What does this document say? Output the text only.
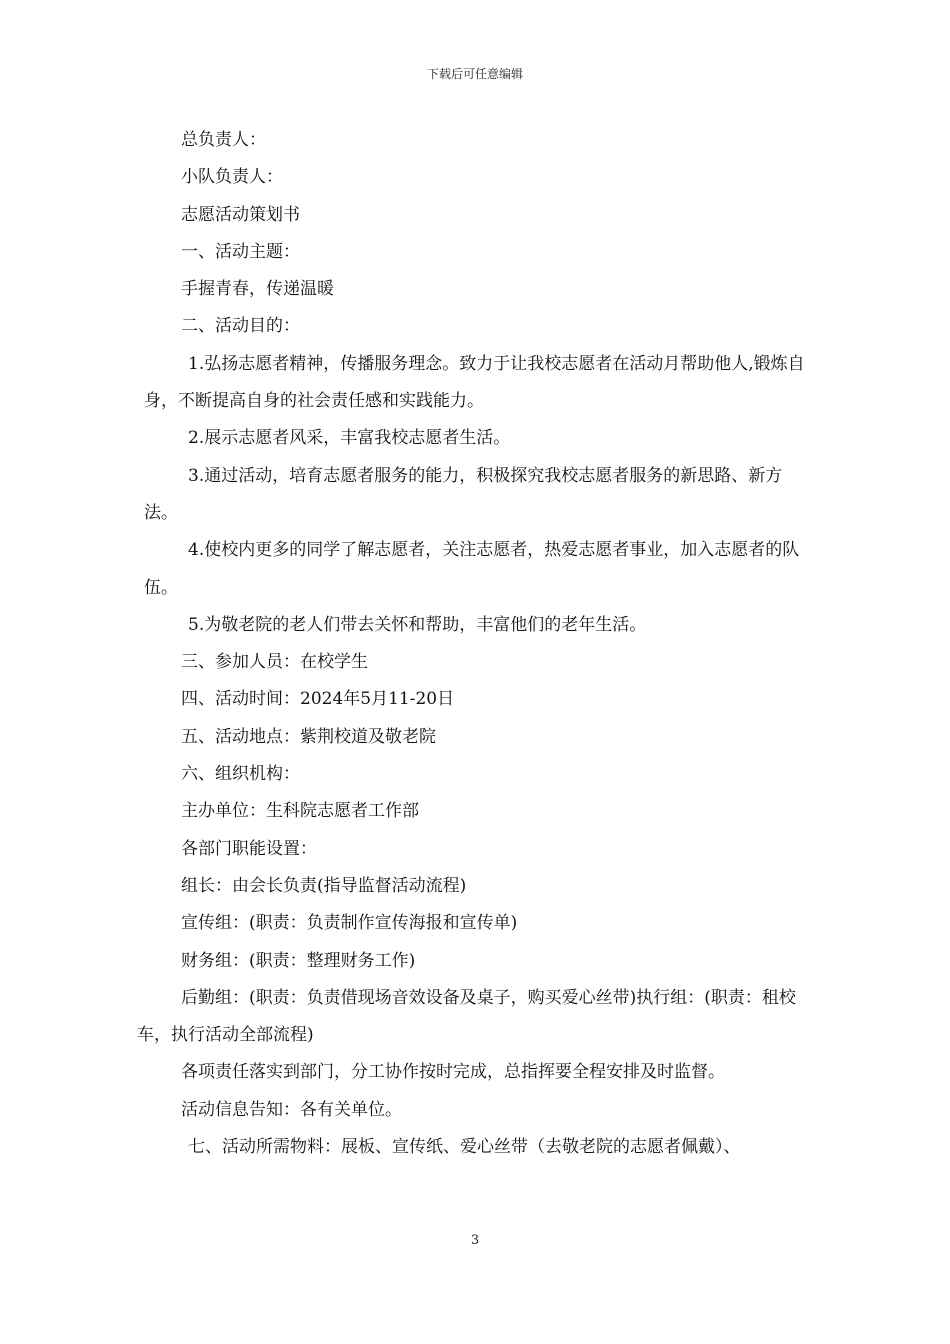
下载后可任意编辑

总负责人：

小队负责人：

志愿活动策划书

一、活动主题：

手握青春，传递温暖

二、活动目的：

1.弘扬志愿者精神，传播服务理念。致力于让我校志愿者在活动月帮助他人,锻炼自身，不断提高自身的社会责任感和实践能力。

2.展示志愿者风采，丰富我校志愿者生活。

3.通过活动，培育志愿者服务的能力，积极探究我校志愿者服务的新思路、新方法。

4.使校内更多的同学了解志愿者，关注志愿者，热爱志愿者事业，加入志愿者的队伍。

5.为敬老院的老人们带去关怀和帮助，丰富他们的老年生活。

三、参加人员：在校学生

四、活动时间：2024年5月11-20日

五、活动地点：紫荆校道及敬老院

六、组织机构：

主办单位：生科院志愿者工作部

各部门职能设置：

组长：由会长负责(指导监督活动流程)

宣传组：(职责：负责制作宣传海报和宣传单)

财务组：(职责：整理财务工作)

后勤组：(职责：负责借现场音效设备及桌子，购买爱心丝带)执行组：(职责：租校车，执行活动全部流程)

各项责任落实到部门，分工协作按时完成，总指挥要全程安排及时监督。

活动信息告知：各有关单位。

七、活动所需物料：展板、宣传纸、爱心丝带（去敬老院的志愿者佩戴）、

3
